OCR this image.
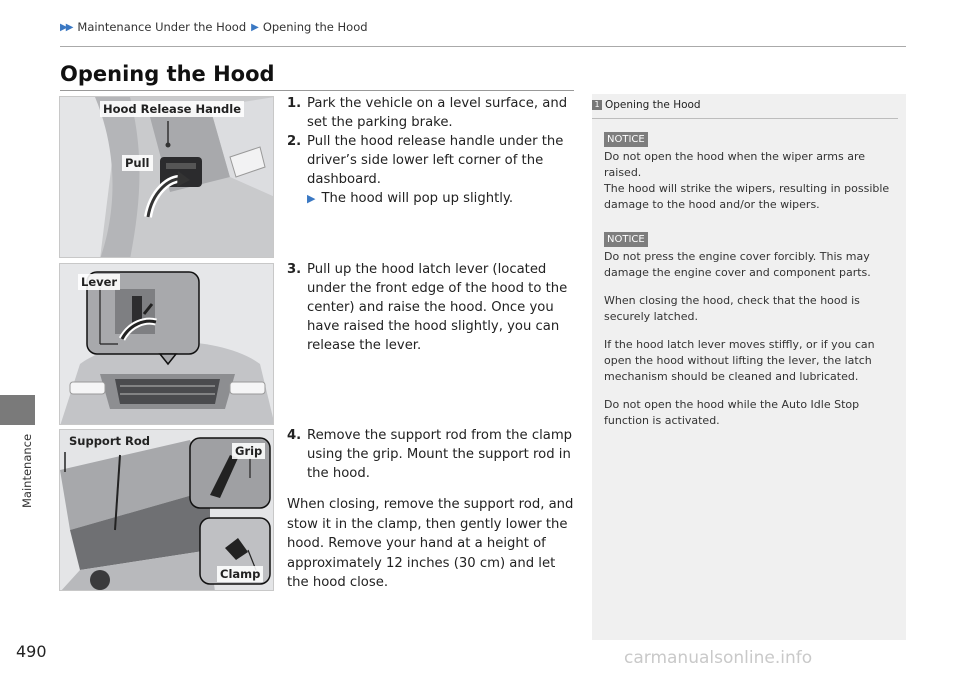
▶▶ Maintenance Under the Hood ▶ Opening the Hood
Maintenance
Opening the Hood
Hood Release Handle
Pull
Lever
Support Rod
Grip
Clamp
1. Park the vehicle on a level surface, and set the parking brake.
2. Pull the hood release handle under the driver’s side lower left corner of the dashboard.
▶ The hood will pop up slightly.
3. Pull up the hood latch lever (located under the front edge of the hood to the center) and raise the hood. Once you have raised the hood slightly, you can release the lever.
4. Remove the support rod from the clamp using the grip. Mount the support rod in the hood.
When closing, remove the support rod, and stow it in the clamp, then gently lower the hood. Remove your hand at a height of approximately 12 inches (30 cm) and let the hood close.
1 Opening the Hood
NOTICE

Do not open the hood when the wiper arms are raised.

The hood will strike the wipers, resulting in possible damage to the hood and/or the wipers.

NOTICE

Do not press the engine cover forcibly. This may damage the engine cover and component parts.

When closing the hood, check that the hood is securely latched.

If the hood latch lever moves stiffly, or if you can open the hood without lifting the lever, the latch mechanism should be cleaned and lubricated.

Do not open the hood while the Auto Idle Stop function is activated.

490	carmanualsonline.info
